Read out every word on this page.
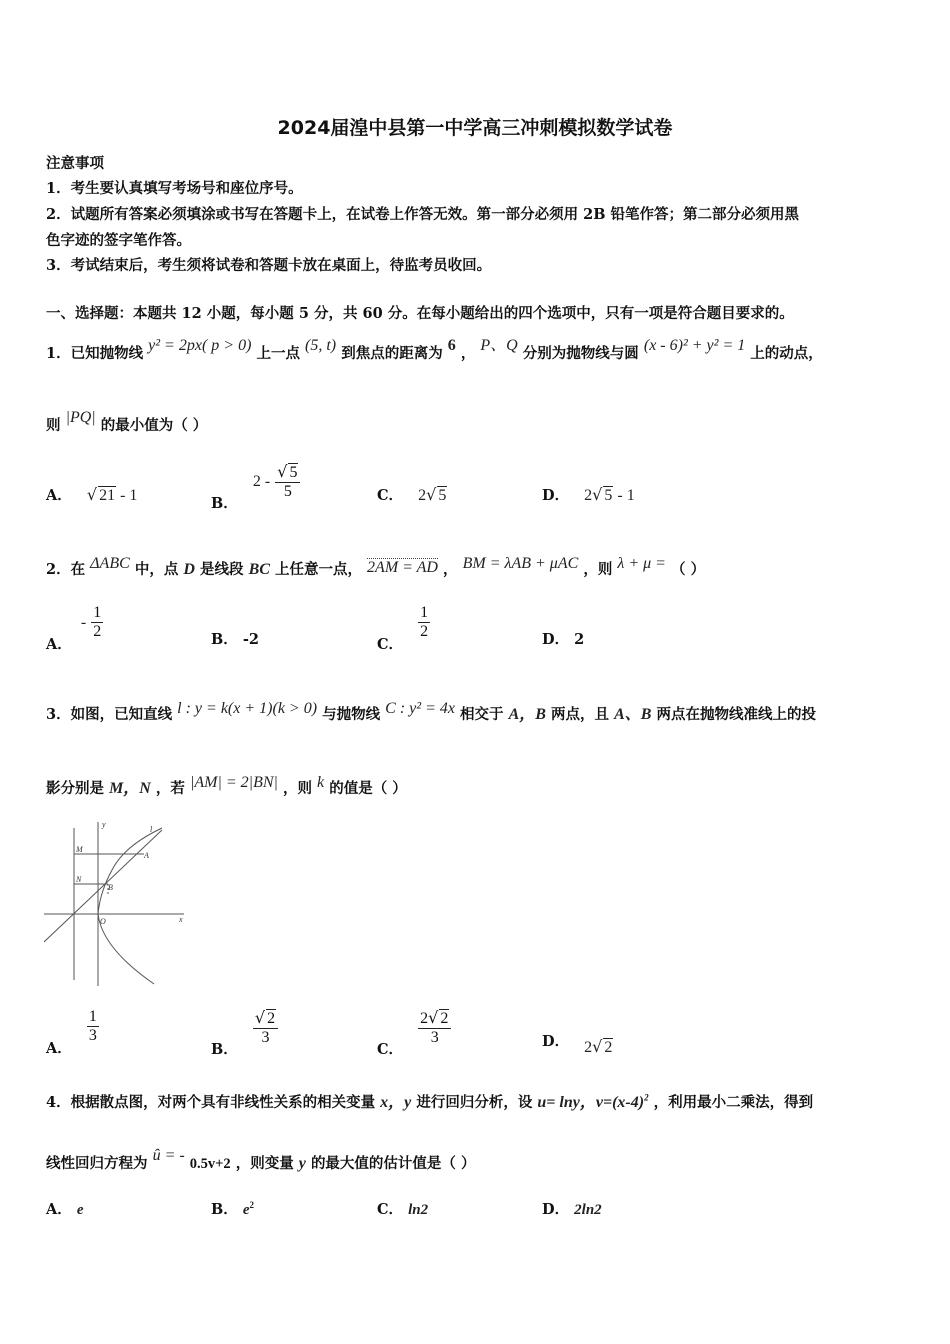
2024届湟中县第一中学高三冲刺模拟数学试卷
注意事项
1．考生要认真填写考场号和座位序号。
2．试题所有答案必须填涂或书写在答题卡上，在试卷上作答无效。第一部分必须用 2B 铅笔作答；第二部分必须用黑
色字迹的签字笔作答。
3．考试结束后，考生须将试卷和答题卡放在桌面上，待监考员收回。
一、选择题：本题共 12 小题，每小题 5 分，共 60 分。在每小题给出的四个选项中，只有一项是符合题目要求的。
1．已知抛物线 y² = 2px( p > 0) 上一点 (5, t) 到焦点的距离为 6 ， P、Q 分别为抛物线与圆 (x - 6)² + y² = 1 上的动点，
则 |PQ| 的最小值为（ ）
A． √ 21 - 1	B． $2 - \frac{√ 5}{5}$	C． 2√ 5	D． 2√ 5 - 1
2．在 ΔABC 中，点 D 是线段 BC 上任意一点， 2AM = AD ， BM = λAB + μAC ，则 λ + μ = （ ）
A． - $\frac{1}{2}$	B． -2	C．
$\frac{1}{2}$	D． 2
3．如图，已知直线 l : y = k(x + 1)(k > 0) 与抛物线 C : y² = 4x 相交于 A，B 两点，且 A、B 两点在抛物线准线上的投
影分别是 M，N ，若 |AM| = 2|BN| ，则 k 的值是（ ）
y
x
O
M
N
A
B
l
A．
$\frac{1}{3}$
B．
$\frac{√ 2}{3}$
C．
$\frac{2√ 2}{3}$	D． 2√ 2
4．根据散点图，对两个具有非线性关系的相关变量 x，y 进行回归分析，设 u= lny，$v=(x-4)^2$ ，利用最小二乘法，得到
线性回归方程为 û = - 0.5v+2 ，则变量 y 的最大值的估计值是（ ）
A． e	B． $e^2$	C． ln2	D． 2ln2
